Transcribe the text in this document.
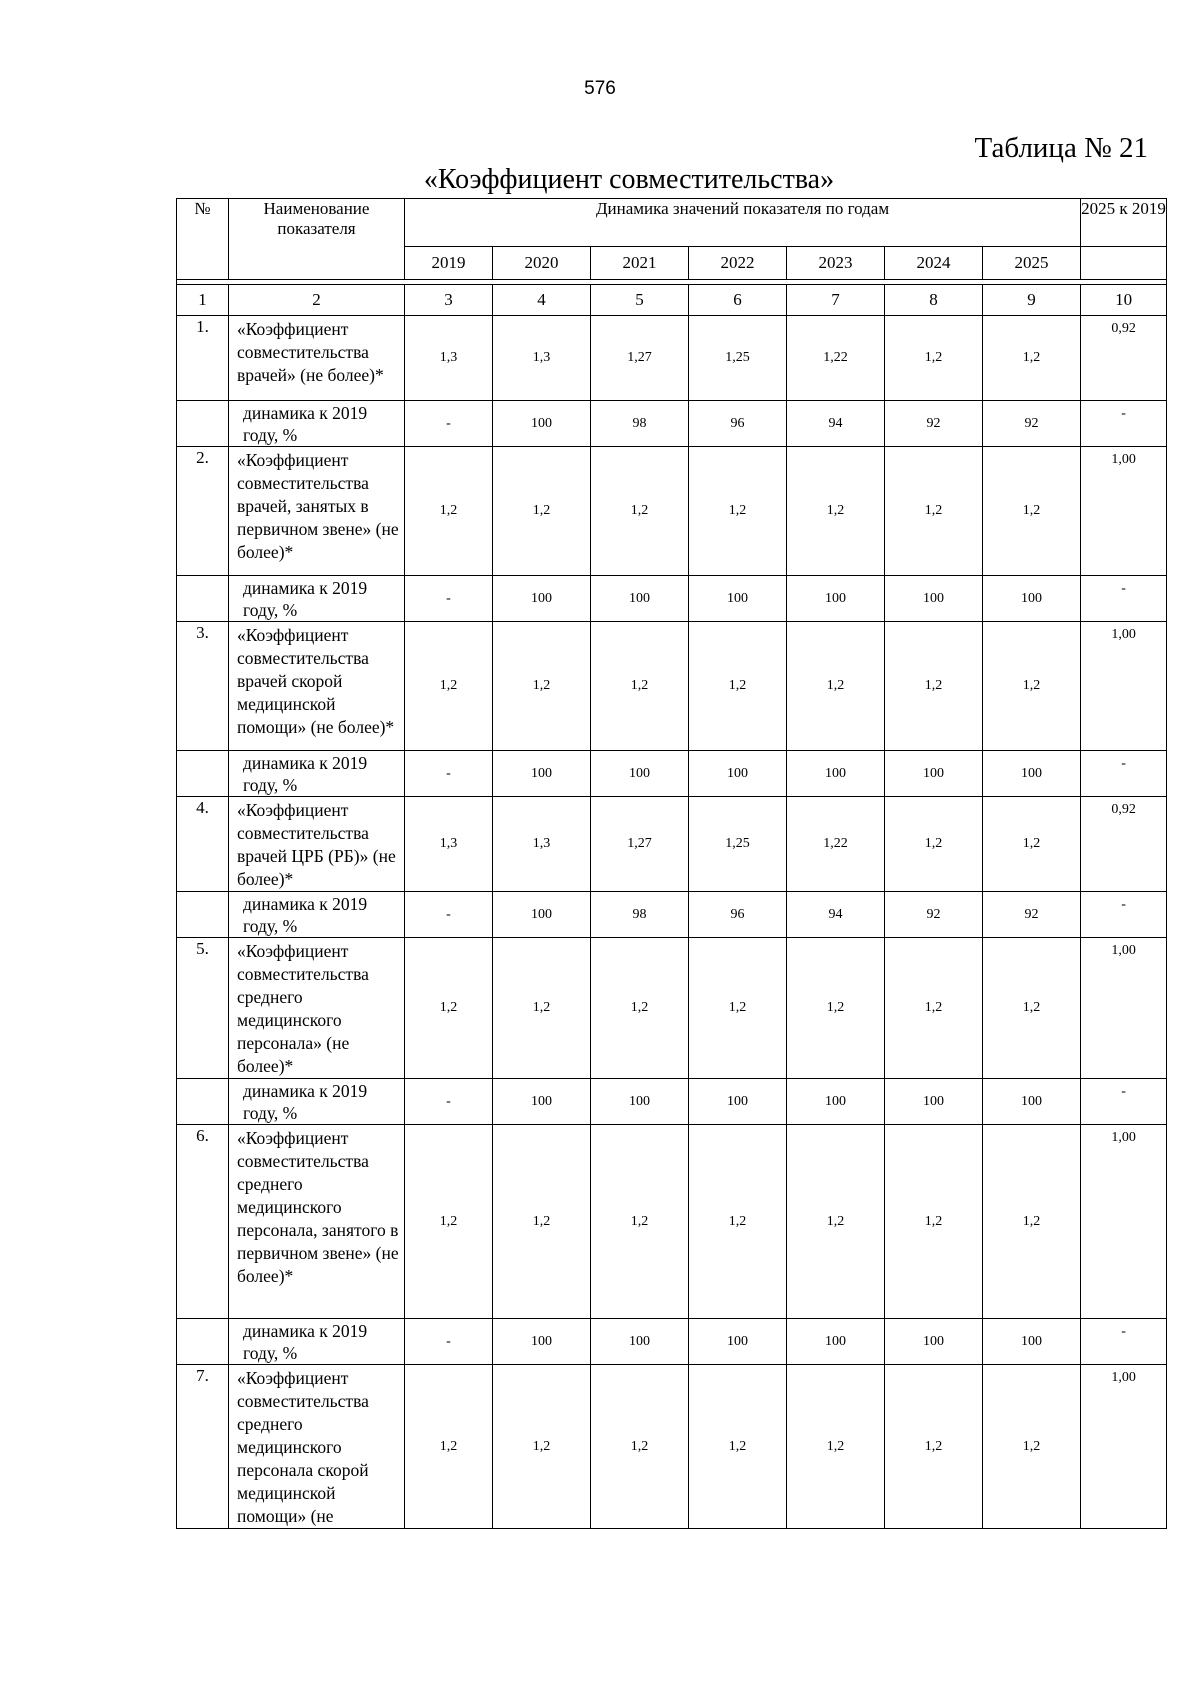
576
Таблица № 21
«Коэффициент совместительства»
№	Наименование показателя	Динамика значений показателя по годам							2025 к 2019
		2019	2020	2021	2022	2023	2024	2025	

1	2	3	4	5	6	7	8	9	10
1.	«Коэффициент совместительства врачей» (не более)*	1,3	1,3	1,27	1,25	1,22	1,2	1,2	0,92
	динамика к 2019 году, %	-	100	98	96	94	92	92	-
2.	«Коэффициент совместительства врачей, занятых в первичном звене» (не более)*	1,2	1,2	1,2	1,2	1,2	1,2	1,2	1,00
	динамика к 2019 году, %	-	100	100	100	100	100	100	-
3.	«Коэффициент совместительства врачей скорой медицинской помощи» (не более)*	1,2	1,2	1,2	1,2	1,2	1,2	1,2	1,00
	динамика к 2019 году, %	-	100	100	100	100	100	100	-
4.	«Коэффициент совместительства врачей ЦРБ (РБ)» (не более)*	1,3	1,3	1,27	1,25	1,22	1,2	1,2	0,92
	динамика к 2019 году, %	-	100	98	96	94	92	92	-
5.	«Коэффициент совместительства среднего медицинского персонала» (не более)*	1,2	1,2	1,2	1,2	1,2	1,2	1,2	1,00
	динамика к 2019 году, %	-	100	100	100	100	100	100	-
6.	«Коэффициент совместительства среднего медицинского персонала, занятого в первичном звене» (не более)*	1,2	1,2	1,2	1,2	1,2	1,2	1,2	1,00
	динамика к 2019 году, %	-	100	100	100	100	100	100	-
7.	«Коэффициент совместительства среднего медицинского персонала скорой медицинской помощи» (не	1,2	1,2	1,2	1,2	1,2	1,2	1,2	1,00
